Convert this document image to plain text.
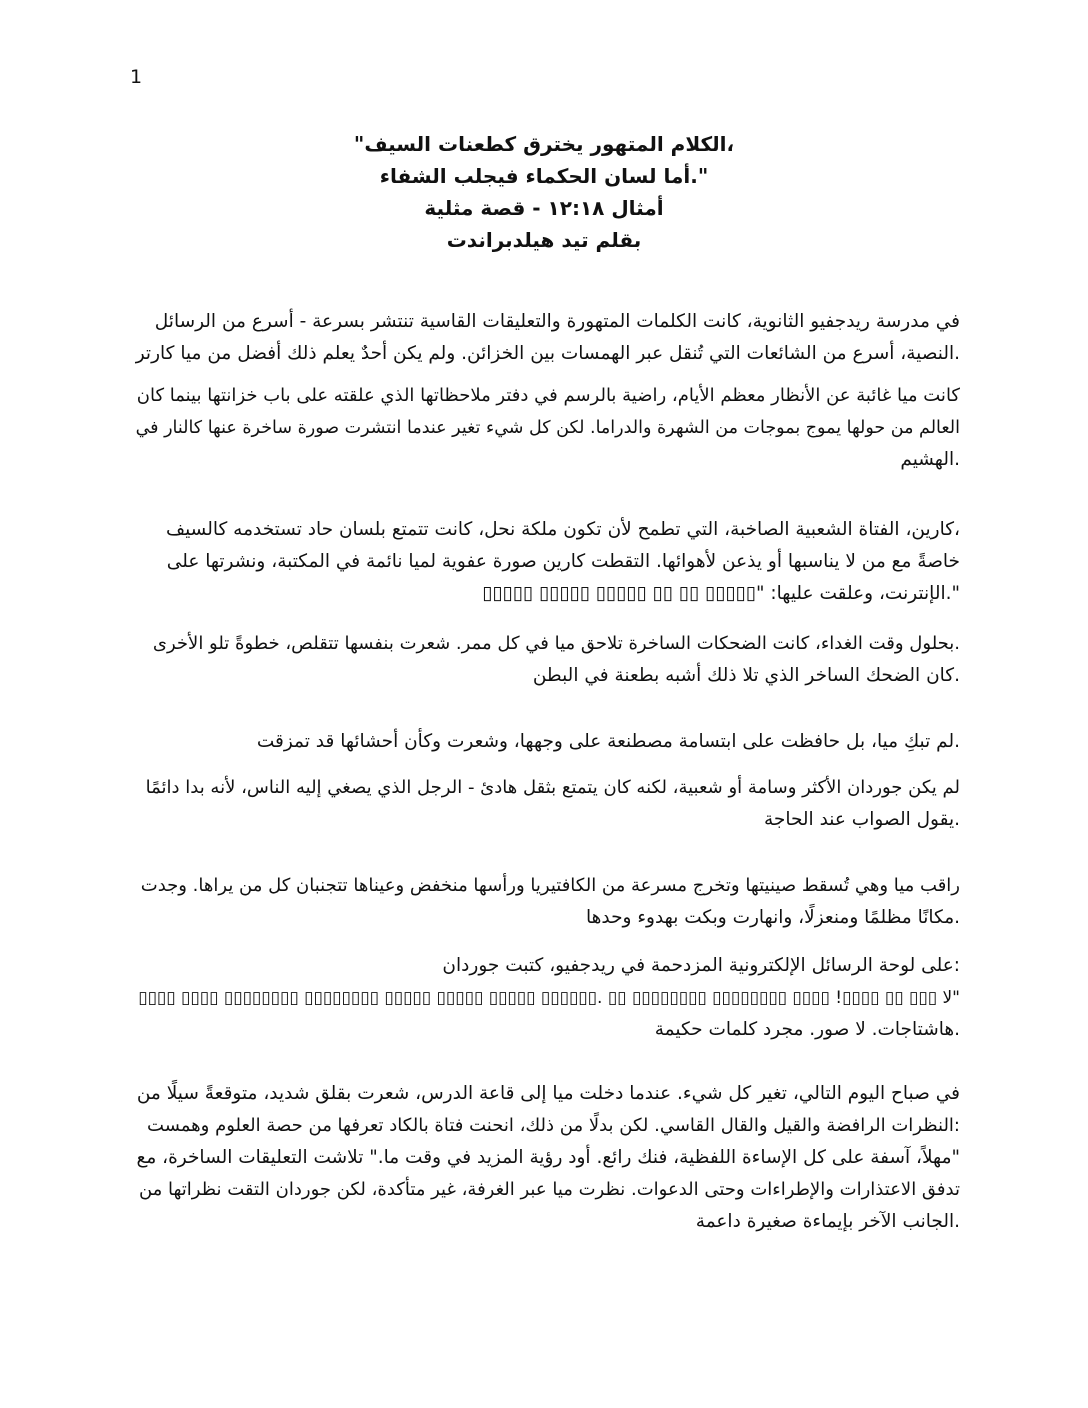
1
،الكلام المتهور يخترق كطعنات السيف"
".أما لسان الحكماء فيجلب الشفاء
أمثال ١٢:١٨ - قصة مثلية
بقلم تيد هيلدبراندت
في مدرسة ريدجفيو الثانوية، كانت الكلمات المتهورة والتعليقات القاسية تنتشر بسرعة - أسرع من الرسائل
.النصية، أسرع من الشائعات التي تُنقل عبر الهمسات بين الخزائن. ولم يكن أحدٌ يعلم ذلك أفضل من ميا كارتر
كانت ميا غائبة عن الأنظار معظم الأيام، راضية بالرسم في دفتر ملاحظاتها الذي علقته على باب خزانتها بينما كان
العالم من حولها يموج بموجات من الشهرة والدراما. لكن كل شيء تغير عندما انتشرت صورة ساخرة عنها كالنار في
.الهشيم
،كارين، الفتاة الشعبية الصاخبة، التي تطمح لأن تكون ملكة نحل، كانت تتمتع بلسان حاد تستخدمه كالسيف
خاصةً مع من لا يناسبها أو يذعن لأهوائها. التقطت كارين صورة عفوية لميا نائمة في المكتبة، ونشرتها على
".الإنترنت، وعلقت عليها: "▯▯▯▯▯ ▯▯ ▯▯ ▯▯▯▯▯ ▯▯▯▯▯ ▯▯▯▯▯
.بحلول وقت الغداء، كانت الضحكات الساخرة تلاحق ميا في كل ممر. شعرت بنفسها تتقلص، خطوةً تلو الأخرى
.كان الضحك الساخر الذي تلا ذلك أشبه بطعنة في البطن
.لم تبكِ ميا، بل حافظت على ابتسامة مصطنعة على وجهها، وشعرت وكأن أحشائها قد تمزقت
لم يكن جوردان الأكثر وسامة أو شعبية، لكنه كان يتمتع بثقل هادئ - الرجل الذي يصغي إليه الناس، لأنه بدا دائمًا
.يقول الصواب عند الحاجة
راقب ميا وهي تُسقط صينيتها وتخرج مسرعة من الكافتيريا ورأسها منخفض وعيناها تتجنبان كل من يراها. وجدت
.مكانًا مظلمًا ومنعزلًا، وانهارت وبكت بهدوء وحدها
:على لوحة الرسائل الإلكترونية المزدحمة في ريدجفيو، كتبت جوردان
"لا ▯▯▯ ▯▯ ▯▯▯▯! ▯▯▯▯ ▯▯▯▯▯▯▯▯ ▯▯▯▯▯▯▯▯ ▯▯ .▯▯▯▯▯▯ ▯▯▯▯▯ ▯▯▯▯▯ ▯▯▯▯▯ ▯▯▯▯▯▯▯▯ ▯▯▯▯▯▯▯▯ ▯▯▯▯ ▯▯▯▯
.هاشتاجات. لا صور. مجرد كلمات حكيمة
في صباح اليوم التالي، تغير كل شيء. عندما دخلت ميا إلى قاعة الدرس، شعرت بقلق شديد، متوقعةً سيلًا من
:النظرات الرافضة والقيل والقال القاسي. لكن بدلًا من ذلك، انحنت فتاة بالكاد تعرفها من حصة العلوم وهمست
"مهلاً، آسفة على كل الإساءة اللفظية، فنك رائع. أود رؤية المزيد في وقت ما." تلاشت التعليقات الساخرة، مع
تدفق الاعتذارات والإطراءات وحتى الدعوات. نظرت ميا عبر الغرفة، غير متأكدة، لكن جوردان التقت نظراتها من
.الجانب الآخر بإيماءة صغيرة داعمة
